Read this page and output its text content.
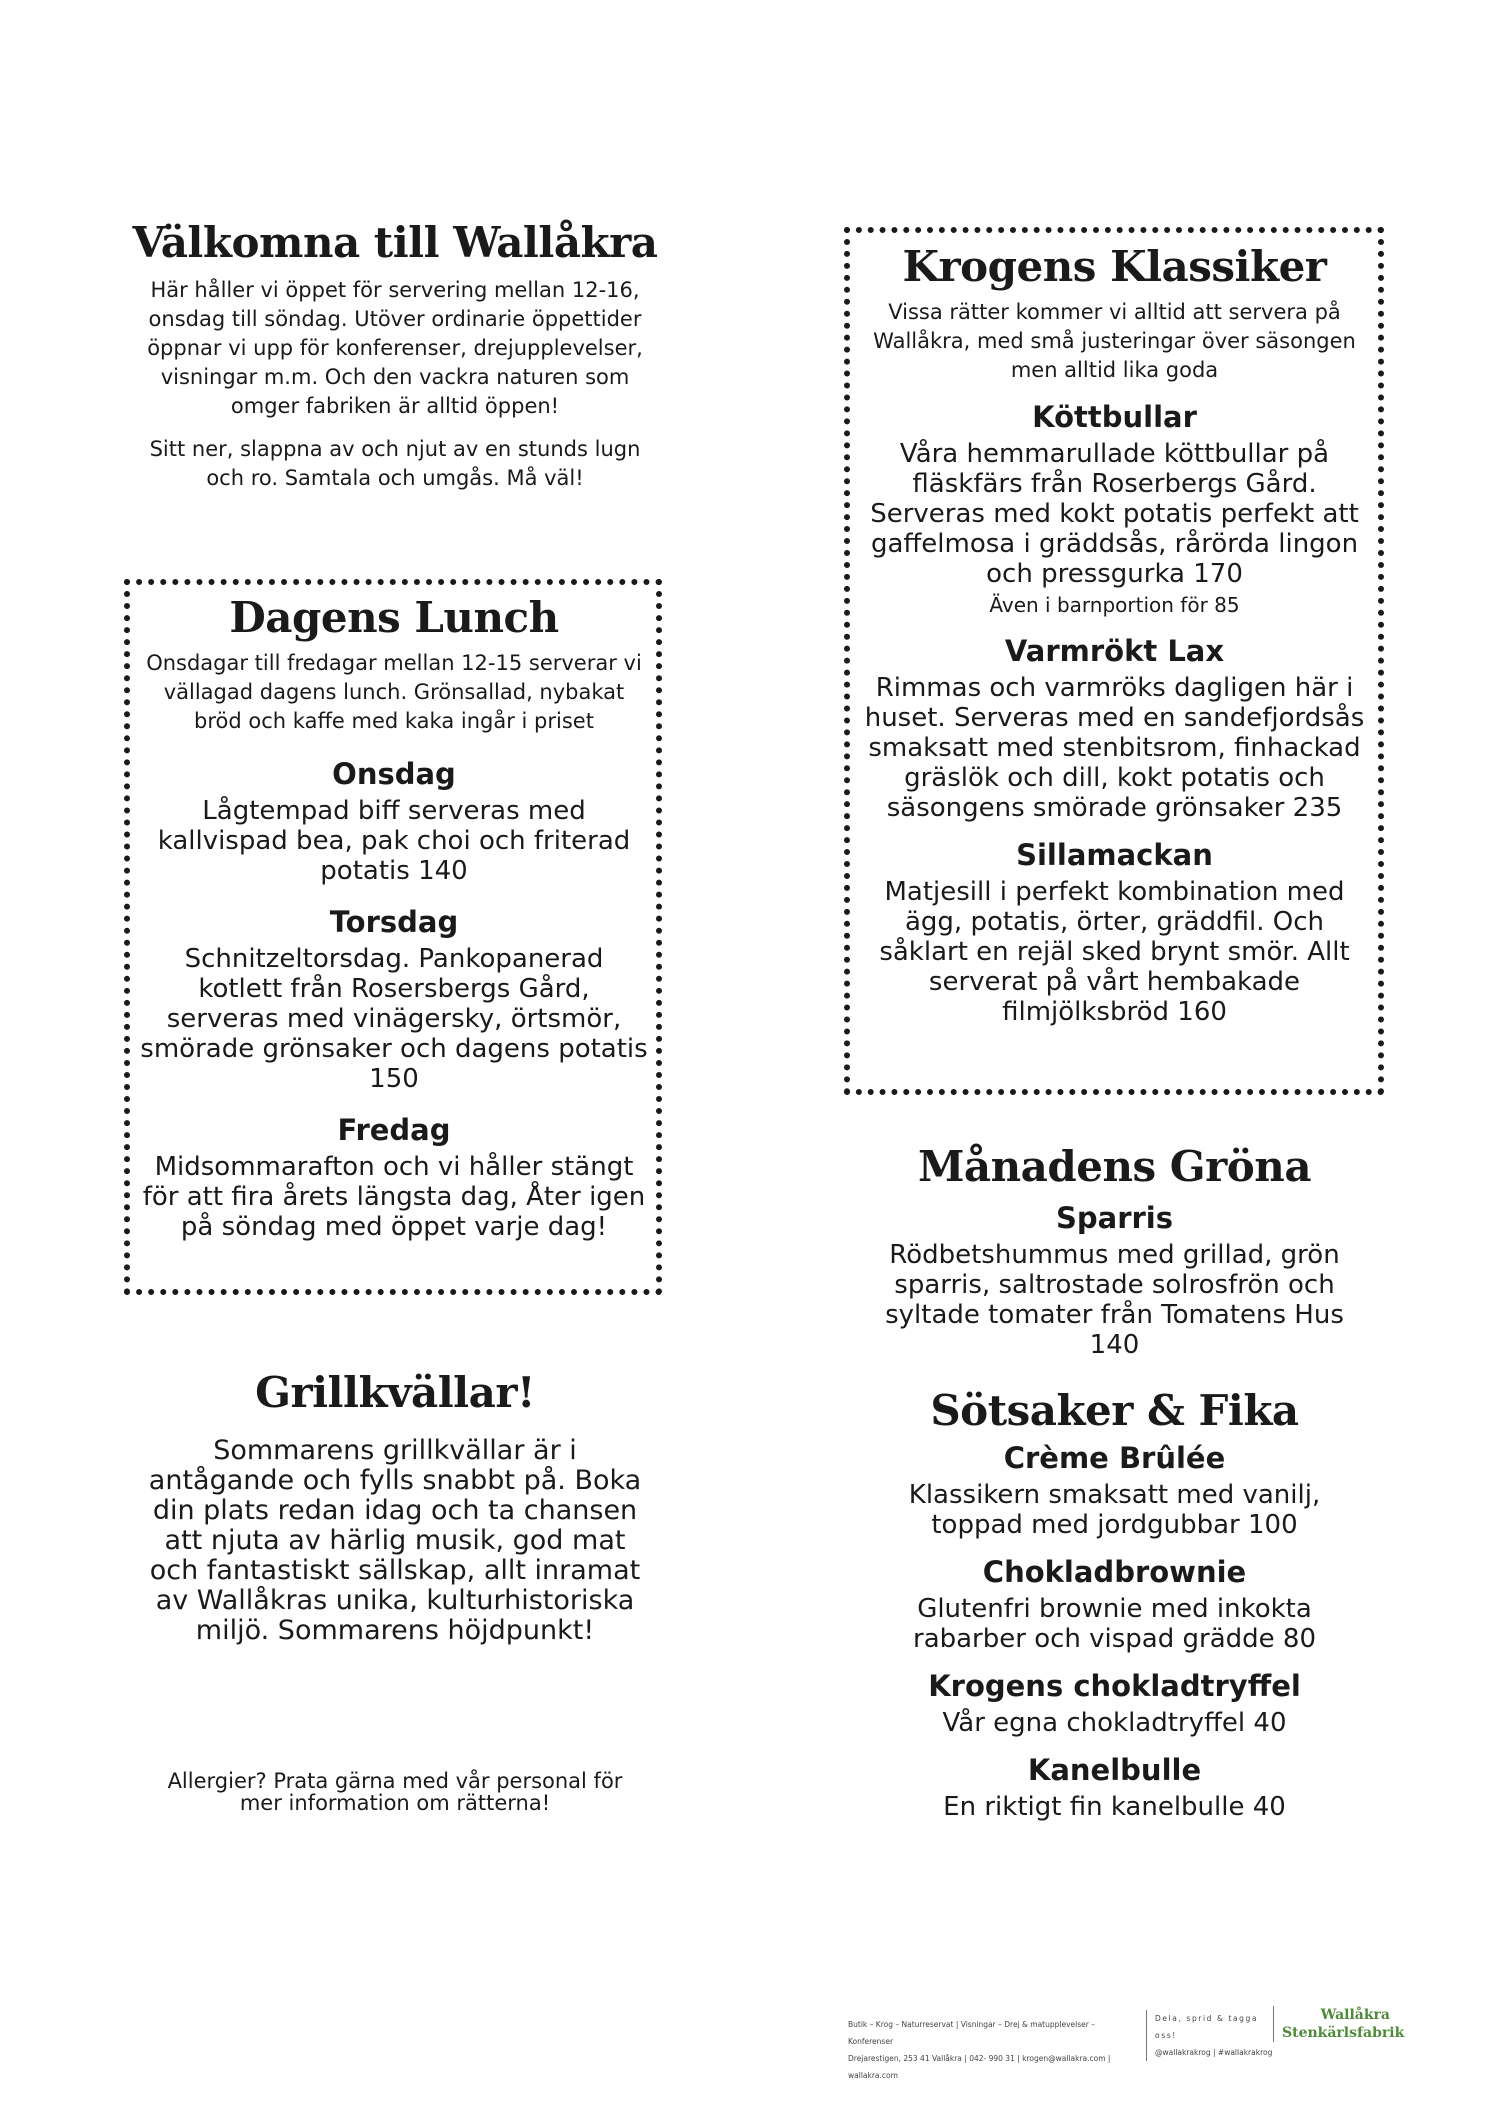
Välkomna till Wallåkra

Här håller vi öppet för servering mellan 12-16, onsdag till söndag. Utöver ordinarie öppettider öppnar vi upp för konferenser, drejupplevelser, visningar m.m. Och den vackra naturen som omger fabriken är alltid öppen!

Sitt ner, slappna av och njut av en stunds lugn och ro. Samtala och umgås. Må väl!

Dagens Lunch

Onsdagar till fredagar mellan 12-15 serverar vi vällagad dagens lunch. Grönsallad, nybakat bröd och kaffe med kaka ingår i priset

Onsdag

Lågtempad biff serveras med kallvispad bea, pak choi och friterad potatis 140

Torsdag

Schnitzeltorsdag. Pankopanerad kotlett från Rosersbergs Gård, serveras med vinägersky, örtsmör, smörade grönsaker och dagens potatis 150

Fredag

Midsommarafton och vi håller stängt för att fira årets längsta dag, Åter igen på söndag med öppet varje dag!

Grillkvällar!

Sommarens grillkvällar är i antågande och fylls snabbt på. Boka din plats redan idag och ta chansen att njuta av härlig musik, god mat och fantastiskt sällskap, allt inramat av Wallåkras unika, kulturhistoriska miljö. Sommarens höjdpunkt!

Allergier? Prata gärna med vår personal för mer information om rätterna!

Krogens Klassiker

Vissa rätter kommer vi alltid att servera på Wallåkra, med små justeringar över säsongen men alltid lika goda

Köttbullar

Våra hemmarullade köttbullar på fläskfärs från Roserbergs Gård. Serveras med kokt potatis perfekt att gaffelmosa i gräddsås, rårörda lingon och pressgurka 170

Även i barnportion för 85

Varmrökt Lax

Rimmas och varmröks dagligen här i huset. Serveras med en sandefjordsås smaksatt med stenbitsrom, finhackad gräslök och dill, kokt potatis och säsongens smörade grönsaker 235

Sillamackan

Matjesill i perfekt kombination med ägg, potatis, örter, gräddfil. Och såklart en rejäl sked brynt smör. Allt serverat på vårt hembakade filmjölksbröd 160

Månadens Gröna
Sparris

Rödbetshummus med grillad, grön sparris, saltrostade solrosfrön och syltade tomater från Tomatens Hus 140

Sötsaker & Fika
Crème Brûlée

Klassikern smaksatt med vanilj, toppad med jordgubbar 100

Chokladbrownie

Glutenfri brownie med inkokta rabarber och vispad grädde 80

Krogens chokladtryffel

Vår egna chokladtryffel 40

Kanelbulle

En riktigt fin kanelbulle 40

Butik – Krog – Naturreservat | Visningar – Drej & matupplevelser – Konferenser
Drejarestigen, 253 41 Vallåkra | 042- 990 31 | krogen@wallakra.com | wallakra.com
Dela, sprid & tagga oss!
@wallakrakrog | #wallakrakrog
Wallåkra
Stenkärlsfabrik
